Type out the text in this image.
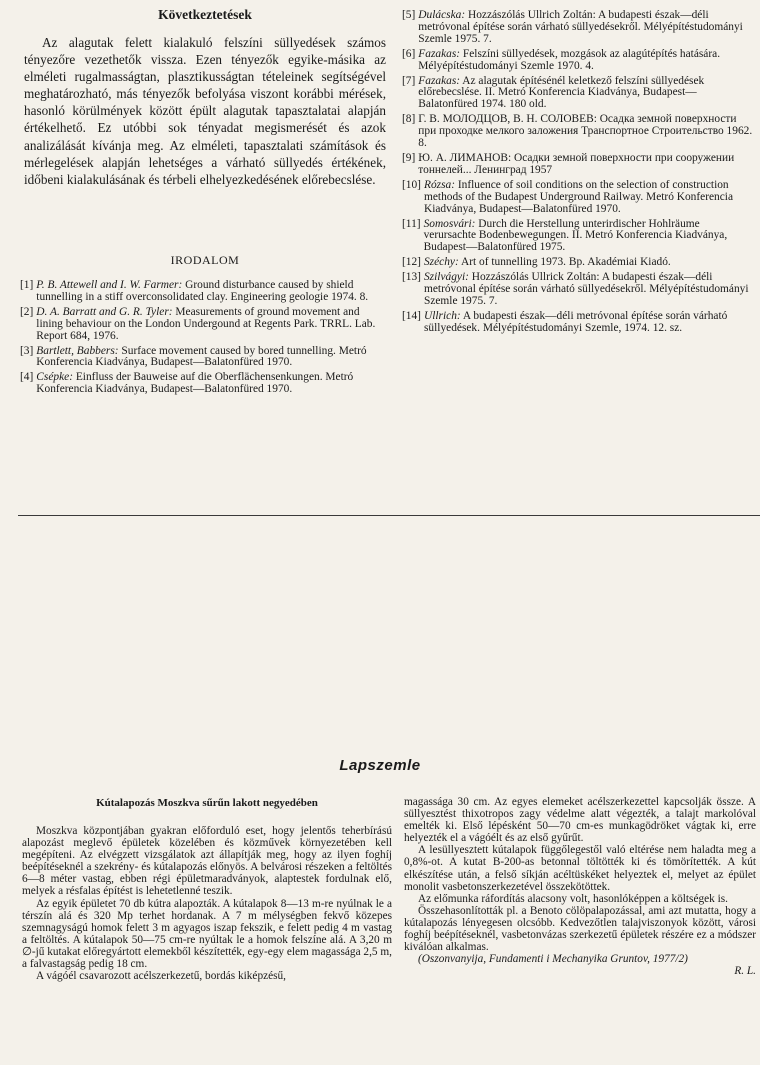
Következtetések

Az alagutak felett kialakuló felszíni süllyedések számos tényezőre vezethetők vissza. Ezen tényezők egyike-másika az elméleti rugalmasságtan, plasztikusságtan tételeinek segítségével meghatározható, más tényezők befolyása viszont korábbi mérések, hasonló körülmények között épült alagutak tapasztalatai alapján értékelhető. Ez utóbbi sok tényadat megismerését és azok analizálását kívánja meg. Az elméleti, tapasztalati számítások és mérlegelések alapján lehetséges a várható süllyedés értékének, időbeni kialakulásának és térbeli elhelyezkedésének előrebecslése.

IRODALOM
[1] P. B. Attewell and I. W. Farmer: Ground disturbance caused by shield tunnelling in a stiff overconsolidated clay. Engineering geologie 1974. 8.
[2] D. A. Barratt and G. R. Tyler: Measurements of ground movement and lining behaviour on the London Undergound at Regents Park. TRRL. Lab. Report 684, 1976.
[3] Bartlett, Babbers: Surface movement caused by bored tunnelling. Metró Konferencia Kiadványa, Budapest—Balatonfüred 1970.
[4] Csépke: Einfluss der Bauweise auf die Oberflächensenkungen. Metró Konferencia Kiadványa, Budapest—Balatonfüred 1970.
[5] Dulácska: Hozzászólás Ullrich Zoltán: A budapesti észak—déli metróvonal építése során várható süllyedésekről. Mélyépítéstudományi Szemle 1975. 7.
[6] Fazakas: Felszíni süllyedések, mozgások az alagútépítés hatására. Mélyépítéstudományi Szemle 1970. 4.
[7] Fazakas: Az alagutak építésénél keletkező felszíni süllyedések előrebecslése. II. Metró Konferencia Kiadványa, Budapest—Balatonfüred 1974. 180 old.
[8] Г. В. МОЛОДЦОВ, В. Н. СОЛОВЕВ: Осадка земной поверхности при проходке мелкого заложения Транспортное Строительство 1962. 8.
[9] Ю. А. ЛИМАНОВ: Осадки земной поверхности при сооружении тоннелей... Ленинград 1957
[10] Rózsa: Influence of soil conditions on the selection of construction methods of the Budapest Underground Railway. Metró Konferencia Kiadványa, Budapest—Balatonfüred 1970.
[11] Somosvári: Durch die Herstellung unterirdischer Hohlräume verursachte Bodenbewegungen. II. Metró Konferencia Kiadványa, Budapest—Balatonfüred 1975.
[12] Széchy: Art of tunnelling 1973. Bp. Akadémiai Kiadó.
[13] Szilvágyi: Hozzászólás Ullrick Zoltán: A budapesti észak—déli metróvonal építése során várható süllyedésekről. Mélyépítéstudományi Szemle 1975. 7.
[14] Ullrich: A budapesti észak—déli metróvonal építése során várható süllyedések. Mélyépítéstudományi Szemle, 1974. 12. sz.
Lapszemle
Kútalapozás Moszkva sűrűn lakott negyedében

Moszkva központjában gyakran előforduló eset, hogy jelentős teherbírású alapozást meglevő épületek közelében és közművek környezetében kell megépíteni. Az elvégzett vizsgálatok azt állapítják meg, hogy az ilyen foghíj beépítéseknél a szekrény- és kútalapozás előnyös. A belvárosi részeken a feltöltés 6—8 méter vastag, ebben régi épületmaradványok, alaptestek fordulnak elő, melyek a résfalas építést is lehetetlenné teszik.

Az egyik épületet 70 db kútra alapozták. A kútalapok 8—13 m-re nyúlnak le a térszín alá és 320 Mp terhet hordanak. A 7 m mélységben fekvő közepes szemnagyságú homok felett 3 m agyagos iszap fekszik, e felett pedig 4 m vastag a feltöltés. A kútalapok 50—75 cm-re nyúltak le a homok felszíne alá. A 3,20 m ∅-jű kutakat előregyártott elemekből készítették, egy-egy elem magassága 2,5 m, a falvastagság pedig 18 cm.

A vágóél csavarozott acélszerkezetű, bordás kiképzésű,

magassága 30 cm. Az egyes elemeket acélszerkezettel kapcsolják össze. A süllyesztést thixotropos zagy védelme alatt végezték, a talajt markolóval emelték ki. Első lépésként 50—70 cm-es munkagödröket vágtak ki, erre helyezték el a vágóélt és az első gyűrűt.

A lesüllyesztett kútalapok függőlegestől való eltérése nem haladta meg a 0,8%-ot. A kutat B-200-as betonnal töltötték ki és tömörítették. A kút elkészítése után, a felső síkján acéltüskéket helyeztek el, melyet az épület monolit vasbetonszerkezetével összekötöttek.

Az előmunka ráfordítás alacsony volt, hasonlóképpen a költségek is.

Összehasonlították pl. a Benoto cölöpalapozással, ami azt mutatta, hogy a kútalapozás lényegesen olcsóbb. Kedvezőtlen talajviszonyok között, városi foghíj beépítéseknél, vasbetonvázas szerkezetű épületek részére ez a módszer kiválóan alkalmas.

(Oszonvanyija, Fundamenti i Mechanyika Gruntov, 1977/2)

R. L.
